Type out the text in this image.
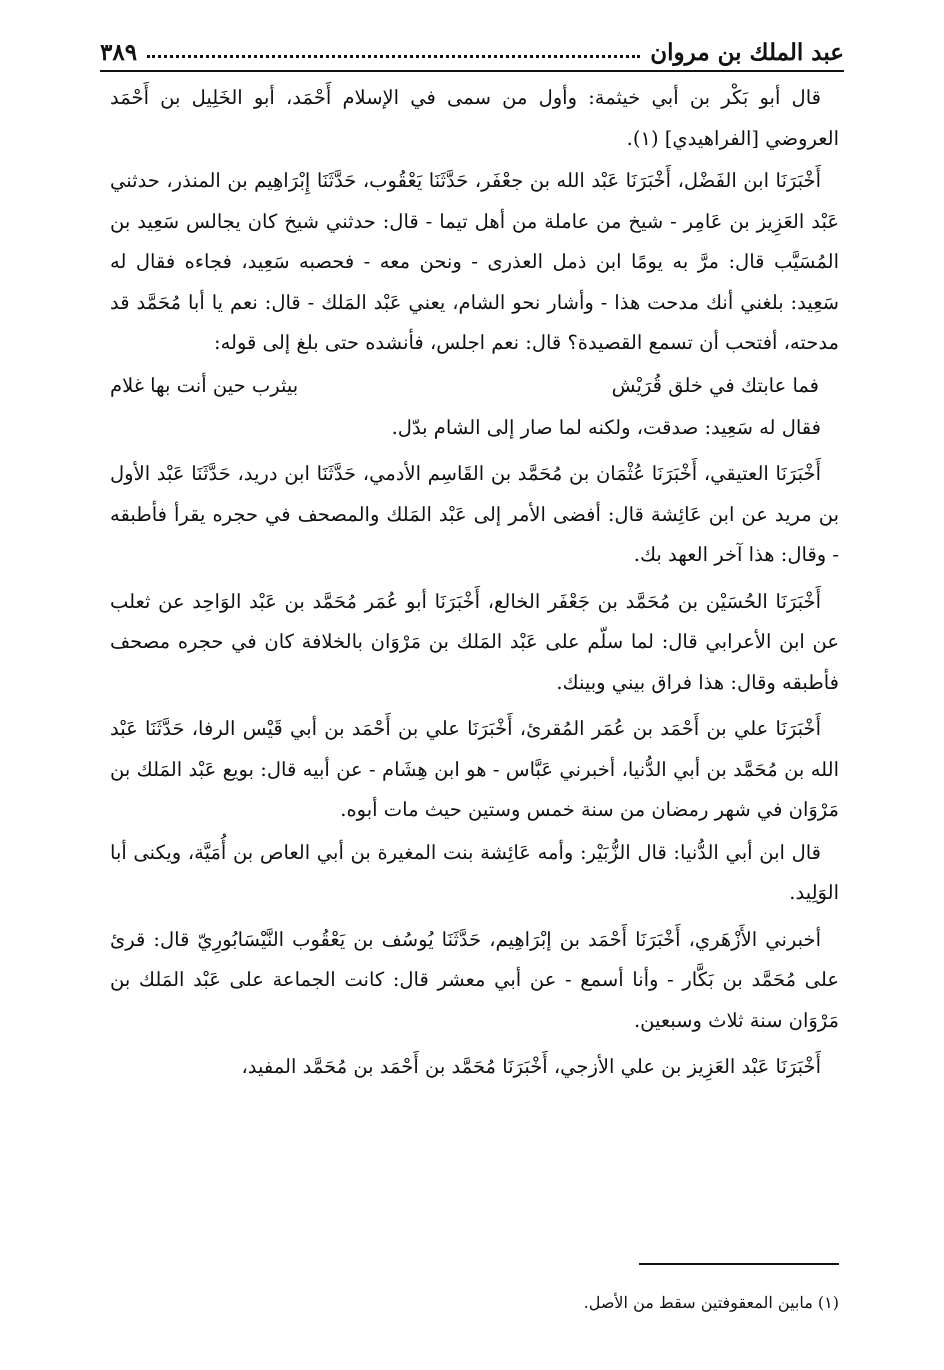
عبد الملك بن مروان
٣٨٩

قال أبو بَكْر بن أبي خيثمة: وأول من سمى في الإسلام أَحْمَد، أبو الخَلِيل بن أَحْمَد العروضي [الفراهيدي] (١).

أَخْبَرَنَا ابن الفَضْل، أَخْبَرَنَا عَبْد الله بن جعْفَر، حَدَّثَنَا يَعْقُوب، حَدَّثَنَا إِبْرَاهِيم بن المنذر، حدثني عَبْد العَزِيز بن عَامِر - شيخ من عاملة من أهل تيما - قال: حدثني شيخ كان يجالس سَعِيد بن المُسَيَّب قال: مرَّ به يومًا ابن ذمل العذرى - ونحن معه - فحصبه سَعِيد، فجاءه فقال له سَعِيد: بلغني أنك مدحت هذا - وأشار نحو الشام، يعني عَبْد المَلك - قال: نعم يا أبا مُحَمَّد قد مدحته، أفتحب أن تسمع القصيدة؟ قال: نعم اجلس، فأنشده حتى بلغ إلى قوله:

فما عابتك في خلق قُرَيْش
بيثرب حين أنت بها غلام

فقال له سَعِيد: صدقت، ولكنه لما صار إلى الشام بدّل.

أَخْبَرَنَا العتيقي، أَخْبَرَنَا عُثْمَان بن مُحَمَّد بن القَاسِم الأدمي، حَدَّثَنَا ابن دريد، حَدَّثَنَا عَبْد الأول بن مريد عن ابن عَائِشة قال: أفضى الأمر إلى عَبْد المَلك والمصحف في حجره يقرأ فأطبقه - وقال: هذا آخر العهد بك.

أَخْبَرَنَا الحُسَيْن بن مُحَمَّد بن جَعْفَر الخالع، أَخْبَرَنَا أبو عُمَر مُحَمَّد بن عَبْد الوَاحِد عن ثعلب عن ابن الأعرابي قال: لما سلّم على عَبْد المَلك بن مَرْوَان بالخلافة كان في حجره مصحف فأطبقه وقال: هذا فراق بيني وبينك.

أَخْبَرَنَا علي بن أَحْمَد بن عُمَر المُقرئ، أَخْبَرَنَا علي بن أَحْمَد بن أبي قَيْس الرفا، حَدَّثَنَا عَبْد الله بن مُحَمَّد بن أبي الدُّنيا، أخبرني عَبَّاس - هو ابن هِشَام - عن أبيه قال: بويع عَبْد المَلك بن مَرْوَان في شهر رمضان من سنة خمس وستين حيث مات أبوه.

قال ابن أبي الدُّنيا: قال الزُّبَيْر: وأمه عَائِشة بنت المغيرة بن أبي العاص بن أُمَيَّة، ويكنى أبا الوَلِيد.

أخبرني الأَزْهَري، أَخْبَرَنَا أَحْمَد بن إبْرَاهِيم، حَدَّثَنَا يُوسُف بن يَعْقُوب النَّيْسَابُورِيّ قال: قرئ على مُحَمَّد بن بَكَّار - وأنا أسمع - عن أبي معشر قال: كانت الجماعة على عَبْد المَلك بن مَرْوَان سنة ثلاث وسبعين.

أَخْبَرَنَا عَبْد العَزِيز بن علي الأزجي، أَخْبَرَنَا مُحَمَّد بن أَحْمَد بن مُحَمَّد المفيد،

(١) مابين المعقوفتين سقط من الأصل.
